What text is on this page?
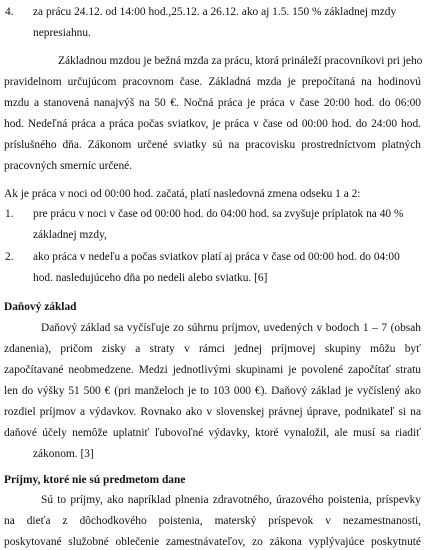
4.	za prácu 24.12. od 14:00 hod.,25.12. a 26.12. ako aj 1.5. 150 % základnej mzdy
nepresiahnu.
Základnou mzdou je bežná mzda za prácu, ktorá prináleží pracovníkovi pri jeho
pravidelnom určujúcom pracovnom čase. Základná mzda je prepočítaná na hodinovú
mzdu a stanovená nanajvýš na 50 €. Nočná práca je práca v čase 20:00 hod. do 06:00
hod. Nedeľná práca a práca počas sviatkov, je práca v čase od 00:00 hod. do 24:00 hod.
príslušného dňa. Zákonom určené sviatky sú na pracovisku prostredníctvom platných
pracovných smerníc určené.
Ak je práca v noci od 00:00 hod. začatá, platí nasledovná zmena odseku 1 a 2:
1.	pre prácu v noci v čase od 00:00 hod. do 04:00 hod. sa zvyšuje príplatok na 40 %
základnej mzdy,
2.	ako práca v nedeľu a počas sviatkov platí aj práca v čase od 00:00 hod. do 04:00
hod. nasledujúceho dňa po nedeli alebo sviatku. [6]
Daňový základ
Daňový základ sa vyčísľuje zo súhrnu príjmov, uvedených v bodoch 1 – 7 (obsah
zdanenia), pričom zisky a straty v rámci jednej príjmovej skupiny môžu byť
započítavané neobmedzene. Medzi jednotlivými skupinami je povolené započítať stratu
len do výšky 51 500 € (pri manželoch je to 103 000 €). Daňový základ je vyčíslený ako
rozdiel príjmov a výdavkov. Rovnako ako v slovenskej právnej úprave, podnikateľ si na
daňové účely nemôže uplatniť ľubovoľné výdavky, ktoré vynaložil, ale musí sa riadiť
zákonom. [3]
Príjmy, ktoré nie sú predmetom dane
Sú to príjmy, ako napríklad plnenia zdravotného, úrazového poistenia, príspevky
na dieťa z dôchodkového poistenia, materský príspevok v nezamestnanosti,
poskytované služobné oblečenie zamestnávateľov, zo zákona vyplývajúce poskytnuté
